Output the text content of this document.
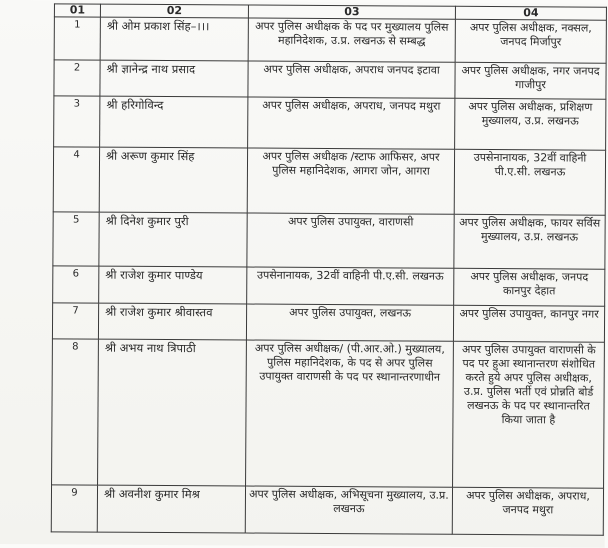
01	02	03	04
1	श्री ओम प्रकाश सिंह–।।।	अपर पुलिस अधीक्षक के पद पर मुख्यालय पुलिस महानिदेशक, उ.प्र. लखनऊ से सम्बद्ध	अपर पुलिस अधीक्षक, नक्सल, जनपद मिर्जापुर
2	श्री ज्ञानेन्द्र नाथ प्रसाद	अपर पुलिस अधीक्षक, अपराध जनपद इटावा	अपर पुलिस अधीक्षक, नगर जनपद गाजीपुर
3	श्री हरिगोविन्द	अपर पुलिस अधीक्षक, अपराध, जनपद मथुरा	अपर पुलिस अधीक्षक, प्रशिक्षण मुख्यालय, उ.प्र. लखनऊ
4	श्री अरूण कुमार सिंह	अपर पुलिस अधीक्षक /स्टाफ आफिसर, अपर पुलिस महानिदेशक, आगरा जोन, आगरा	उपसेनानायक, 32वीं वाहिनी पी.ए.सी. लखनऊ
5	श्री दिनेश कुमार पुरी	अपर पुलिस उपायुक्त, वाराणसी	अपर पुलिस अधीक्षक, फायर सर्विस मुख्यालय, उ.प्र. लखनऊ
6	श्री राजेश कुमार पाण्डेय	उपसेनानायक, 32वीं वाहिनी पी.ए.सी. लखनऊ	अपर पुलिस अधीक्षक, जनपद कानपुर देहात
7	श्री राजेश कुमार श्रीवास्तव	अपर पुलिस उपायुक्त, लखनऊ	अपर पुलिस उपायुक्त, कानपुर नगर
8	श्री अभय नाथ त्रिपाठी	अपर पुलिस अधीक्षक/ (पी.आर.ओ.) मुख्यालय, पुलिस महानिदेशक, के पद से अपर पुलिस उपायुक्त वाराणसी के पद पर स्थानान्तरणाधीन	अपर पुलिस उपायुक्त वाराणसी के पद पर हुआ स्थानान्तरण संशोधित करते हुये अपर पुलिस अधीक्षक, उ.प्र. पुलिस भर्ती एवं प्रोन्नति बोर्ड लखनऊ के पद पर स्थानान्तरित किया जाता है
9	श्री अवनीश कुमार मिश्र	अपर पुलिस अधीक्षक, अभिसूचना मुख्यालय, उ.प्र. लखनऊ	अपर पुलिस अधीक्षक, अपराध, जनपद मथुरा
